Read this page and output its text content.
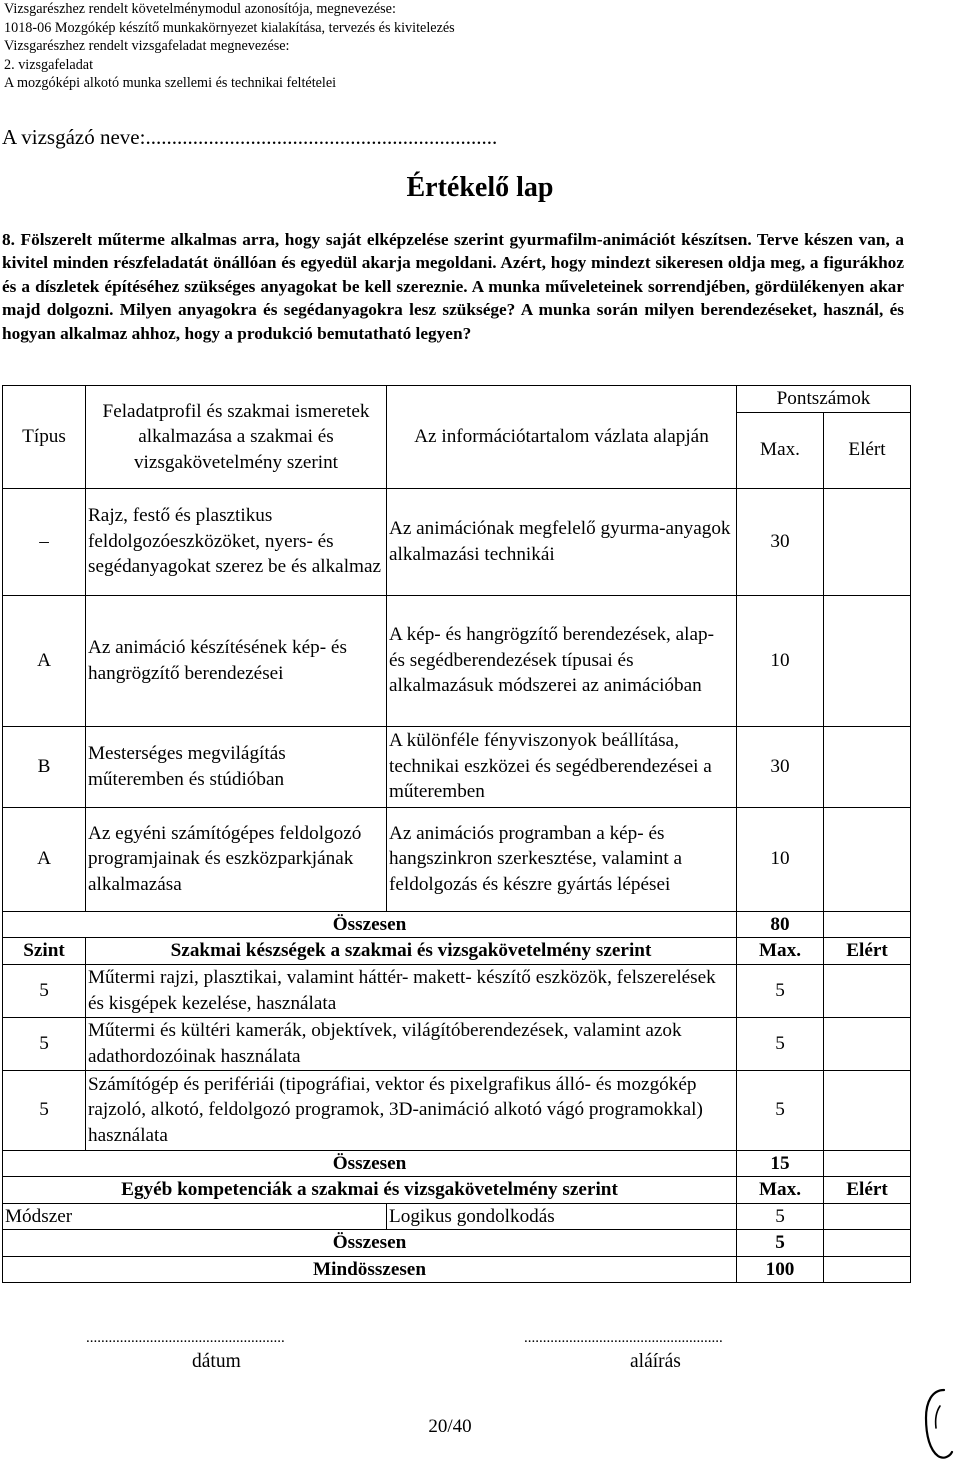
Vizsgarészhez rendelt követelménymodul azonosítója, megnevezése:
1018-06 Mozgókép készítő munkakörnyezet kialakítása, tervezés és kivitelezés
Vizsgarészhez rendelt vizsgafeladat megnevezése:
2. vizsgafeladat
A mozgóképi alkotó munka szellemi és technikai feltételei
A vizsgázó neve:...................................................................
Értékelő lap
8. Fölszerelt műterme alkalmas arra, hogy saját elképzelése szerint gyurmafilm-animációt készítsen. Terve készen van, a kivitel minden részfeladatát önállóan és egyedül akarja megoldani. Azért, hogy mindezt sikeresen oldja meg, a figurákhoz és a díszletek építéséhez szükséges anyagokat be kell szereznie. A munka műveleteinek sorrendjében, gördülékenyen akar majd dolgozni. Milyen anyagokra és segédanyagokra lesz szüksége? A munka során milyen berendezéseket, használ, és hogyan alkalmaz ahhoz, hogy a produkció bemutatható legyen?
Típus	Feladatprofil és szakmai ismeretek alkalmazása a szakmai és vizsgakövetelmény szerint	Az információtartalom vázlata alapján	Pontszámok	
			Max.	Elért
–	Rajz, festő és plasztikus feldolgozóeszközöket, nyers- és segédanyagokat szerez be és alkalmaz	Az animációnak megfelelő gyurma-anyagok alkalmazási technikái	30	
A	Az animáció készítésének kép- és hangrögzítő berendezései	A kép- és hangrögzítő berendezések, alap- és segédberendezések típusai és alkalmazásuk módszerei az animációban	10	
B	Mesterséges megvilágítás műteremben és stúdióban	A különféle fényviszonyok beállítása, technikai eszközei és segédberendezései a műteremben	30	
A	Az egyéni számítógépes feldolgozó programjainak és eszközparkjának alkalmazása	Az animációs programban a kép- és hangszinkron szerkesztése, valamint a feldolgozás és készre gyártás lépései	10	
Összesen			80	
Szint	Szakmai készségek a szakmai és vizsgakövetelmény szerint		Max.	Elért
5	Műtermi rajzi, plasztikai, valamint háttér- makett- készítő eszközök, felszerelések és kisgépek kezelése, használata		5	
5	Műtermi és kültéri kamerák, objektívek, világítóberendezések, valamint azok adathordozóinak használata		5	
5	Számítógép és perifériái (tipográfiai, vektor és pixelgrafikus álló- és mozgókép rajzoló, alkotó, feldolgozó programok, 3D-animáció alkotó vágó programokkal) használata		5	
Összesen			15	
Egyéb kompetenciák a szakmai és vizsgakövetelmény szerint			Max.	Elért
Módszer		Logikus gondolkodás	5	
Összesen			5	
Mindösszesen			100	
.....................................................	.....................................................
dátum	aláírás
20/40
